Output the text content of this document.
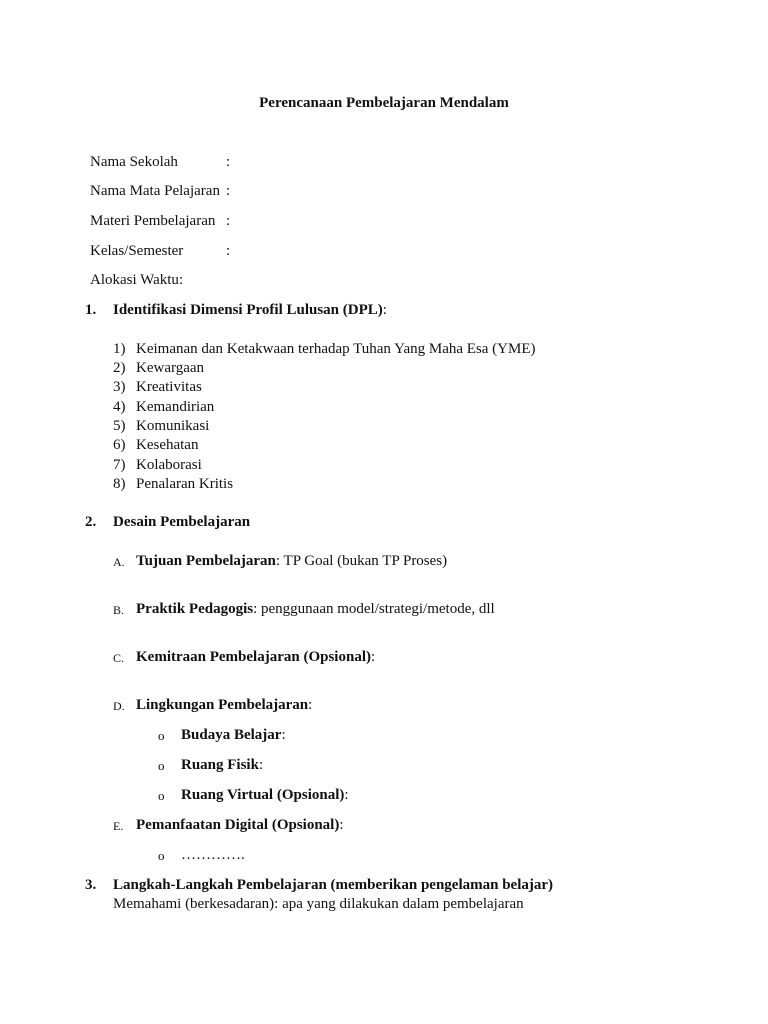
Perencanaan Pembelajaran Mendalam
Nama Sekolah	:
Nama Mata Pelajaran :
Materi Pembelajaran :
Kelas/Semester	:
Alokasi Waktu:
1. Identifikasi Dimensi Profil Lulusan (DPL):
1) Keimanan dan Ketakwaan terhadap Tuhan Yang Maha Esa (YME)
2) Kewargaan
3) Kreativitas
4) Kemandirian
5) Komunikasi
6) Kesehatan
7) Kolaborasi
8) Penalaran Kritis
2. Desain Pembelajaran
A. Tujuan Pembelajaran: TP Goal (bukan TP Proses)
B. Praktik Pedagogis: penggunaan model/strategi/metode, dll
C. Kemitraan Pembelajaran (Opsional):
D. Lingkungan Pembelajaran:
o Budaya Belajar:
o Ruang Fisik:
o Ruang Virtual (Opsional):
E. Pemanfaatan Digital (Opsional):
o ………….
3. Langkah-Langkah Pembelajaran (memberikan pengelaman belajar)
Memahami (berkesadaran): apa yang dilakukan dalam pembelajaran
